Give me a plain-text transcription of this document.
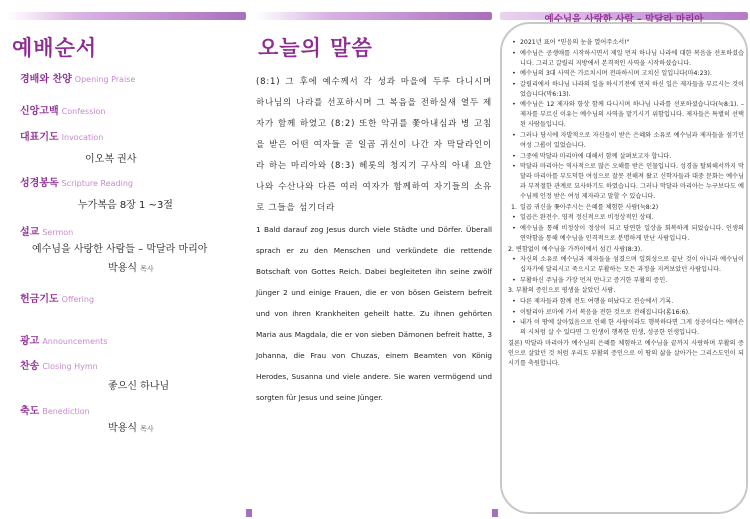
예배순서
경배와 찬양 Opening Praise
신앙고백 Confession
대표기도 Invocation
이오복 권사
성경봉독 Scripture Reading
누가복음 8장 1 ~3절
설교 Sermon
예수님을 사랑한 사람들 – 막달라 마리아
박용식 목사
헌금기도 Offering
광고 Announcements
찬송 Closing Hymn
좋으신 하나님
축도 Benediction
박용식 목사
오늘의 말씀
(8:1) 그 후에 예수께서 각 성과 마을에 두루 다니시며 하나님의 나라를 선포하시며 그 복음을 전하실새 열두 제자가 함께 하였고 (8:2) 또한 악귀를 쫓아내심과 병 고침을 받은 어떤 여자들 곧 일곱 귀신이 나간 자 막달라인이라 하는 마리아와 (8:3) 헤롯의 청지기 구사의 아내 요안나와 수산나와 다른 여러 여자가 함께하여 자기들의 소유로 그들을 섬기더라
1 Bald darauf zog Jesus durch viele Städte und Dörfer. Überall sprach er zu den Menschen und verkündete die rettende Botschaft von Gottes Reich. Dabei begleiteten ihn seine zwölf Jünger 2 und einige Frauen, die er von bösen Geistern befreit und von ihren Krankheiten geheilt hatte. Zu ihnen gehörten Maria aus Magdala, die er von sieben Dämonen befreit hatte, 3 Johanna, die Frau von Chuzas, einem Beamten von König Herodes, Susanna und viele andere. Sie waren vermögend und sorgten für Jesus und seine Jünger.
예수님을 사랑한 사람 – 막달라 마리아
• 2021년 표어 "믿음의 눈을 열어주소서!"
• 예수님은 공생애를 시작하시면서 제일 먼저 하나님 나라에 대한 복음을 선포하셨습니다. 그리고 갈릴리 지방에서 본격적인 사역을 시작하셨습니다.
• 예수님의 3대 사역은 가르치시며 전파하시며 고치신 일입니다(마4:23).
• 갈릴리에서 하나님 나라의 일을 하시기전에 먼저 하신 일은 제자들을 부르시는 것이었습니다(막6:13).
• 예수님은 12 제자와 항상 함께 다니시며 하나님 나라를 선포하셨습니다(눅8:1). – 제자를 부르신 이유는 예수님의 사역을 맡기시기 위함입니다. 제자들은 특별히 선택된 사람들입니다.
• 그러나 당시에 자발적으로 자신들이 받은 은혜와 소유로 예수님과 제자들을 섬기던 여성 그룹이 있었습니다.
• 그중에 막달라 마리아에 대해서 함께 살펴보고자 합니다.
• 막달라 마리아는 역사적으로 많은 오해를 받은 인물입니다. 성경을 탈퇴해서까지 막달라 마리아를 부도덕한 여성으로 잘못 전해져 왔고 신학자들과 대중 문화는 예수님과 부적절한 관계로 묘사하기도 하였습니다. 그러나 막달라 마리아는 누구보다도 예수님께 인정 받은 여성 제자라고 말할 수 있습니다.
1. 일곱 귀신을 쫓아주시는 은혜를 체험한 사람(눅8:2)
• 일곱은 완전수. 영적 정신적으로 비정상적인 상태.
• 예수님을 통해 비정상이 정상이 되고 당연한 일상을 회복하게 되었습니다. 인생의 연약함을 통해 예수님을 인격적으로 분명하게 만난 사람입니다.
2. 변함없이 예수님을 가까이에서 섬긴 사람(8:3).
• 자신의 소유로 예수님과 제자들을 섬겼으며 일회성으로 끝난 것이 아니라 예수님이 십자가에 달리시고 죽으시고 부활하는 모든 과정을 지켜보았던 사람입니다.
• 부활하신 주님을 가장 먼저 만나고 증거한 부활의 증인.
3. 부활의 증인으로 평생을 살았던 사람.
• 다른 제자들과 함께 전도 여행을 떠났다고 전승에서 기록.
• 이탈리아 로마에 가서 복음을 전한 것으로 전해집니다(롬16:6).
• 내가 이 땅에 살아있음으로 인해 한 사람이라도 행복하다면 그게 성공이다는 에머슨의 시처럼 살 수 있다면 그 인생이 행복한 인생, 성공한 인생입니다.
결론) 막달라 마리아가 예수님의 은혜를 체험하고 예수님을 끝까지 사랑하며 부활의 증인으로 살았던 것 처럼 우리도 부활의 증인으로 이 땅의 삶을 살아가는 그리스도인이 되시기를 축원합니다.
